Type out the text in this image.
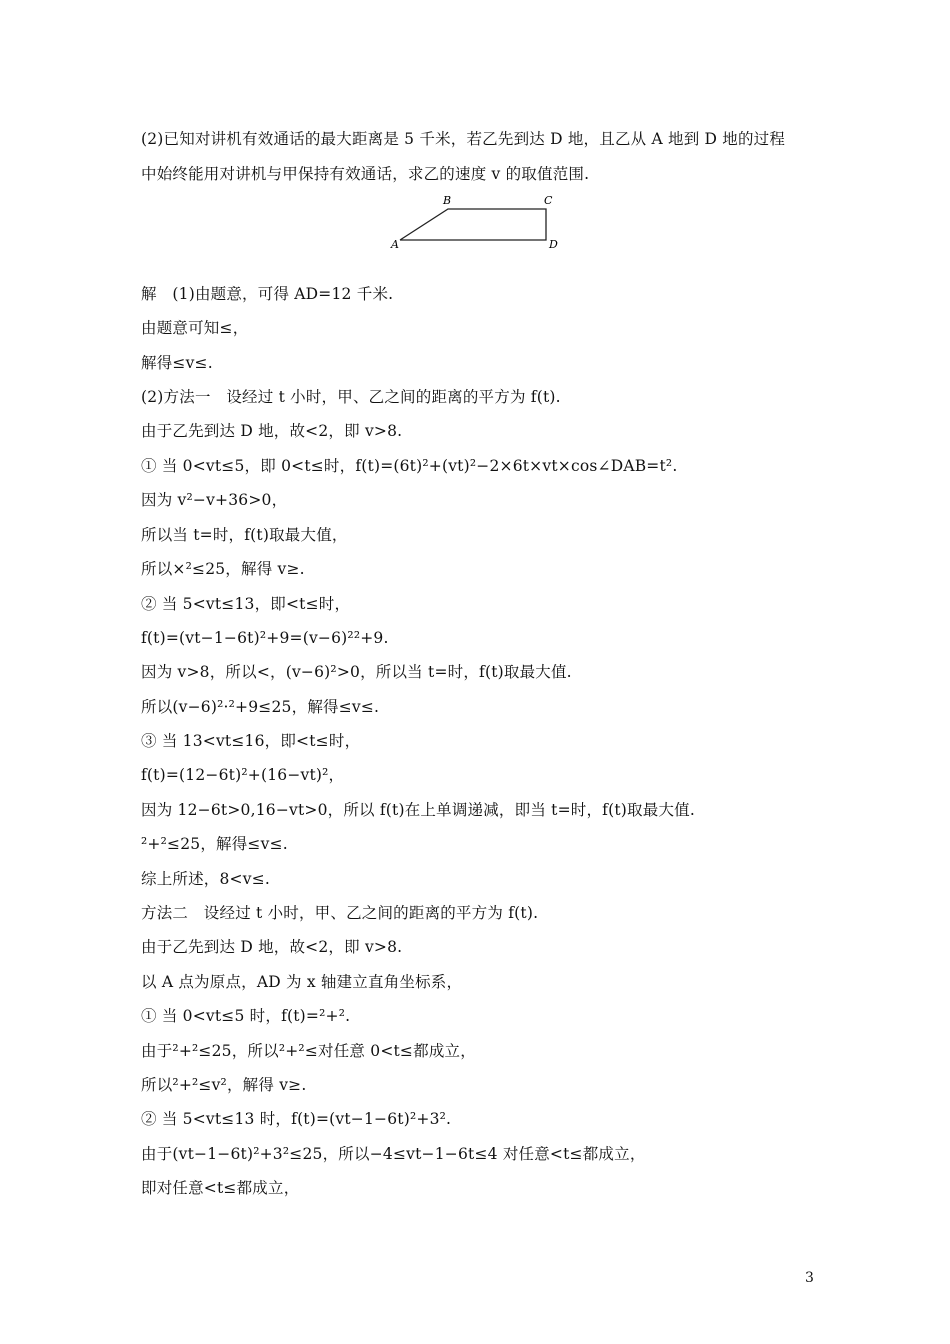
(2)已知对讲机有效通话的最大距离是 5 千米，若乙先到达 D 地，且乙从 A 地到 D 地的过程
中始终能用对讲机与甲保持有效通话，求乙的速度 v 的取值范围.
A
B	C
D
解　(1)由题意，可得 AD=12 千米.
由题意可知≤，
解得≤v≤.
(2)方法一　设经过 t 小时，甲、乙之间的距离的平方为 f(t).
由于乙先到达 D 地，故<2，即 v>8.
① 当 0<vt≤5，即 0<t≤时，f(t)=(6t)²+(vt)²−2×6t×vt×cos∠DAB=t².
因为 v²−v+36>0，
所以当 t=时，f(t)取最大值，
所以×²≤25，解得 v≥.
② 当 5<vt≤13，即<t≤时，
f(t)=(vt−1−6t)²+9=(v−6)²²+9.
因为 v>8，所以<，(v−6)²>0，所以当 t=时，f(t)取最大值.
所以(v−6)²·²+9≤25，解得≤v≤.
③ 当 13<vt≤16，即<t≤时，
f(t)=(12−6t)²+(16−vt)²，
因为 12−6t>0,16−vt>0，所以 f(t)在上单调递减，即当 t=时，f(t)取最大值.
²+²≤25，解得≤v≤.
综上所述，8<v≤.
方法二　设经过 t 小时，甲、乙之间的距离的平方为 f(t).
由于乙先到达 D 地，故<2，即 v>8.
以 A 点为原点，AD 为 x 轴建立直角坐标系，
① 当 0<vt≤5 时，f(t)=²+².
由于²+²≤25，所以²+²≤对任意 0<t≤都成立，
所以²+²≤v²，解得 v≥.
② 当 5<vt≤13 时，f(t)=(vt−1−6t)²+3².
由于(vt−1−6t)²+3²≤25，所以−4≤vt−1−6t≤4 对任意<t≤都成立，
即对任意<t≤都成立，
3
